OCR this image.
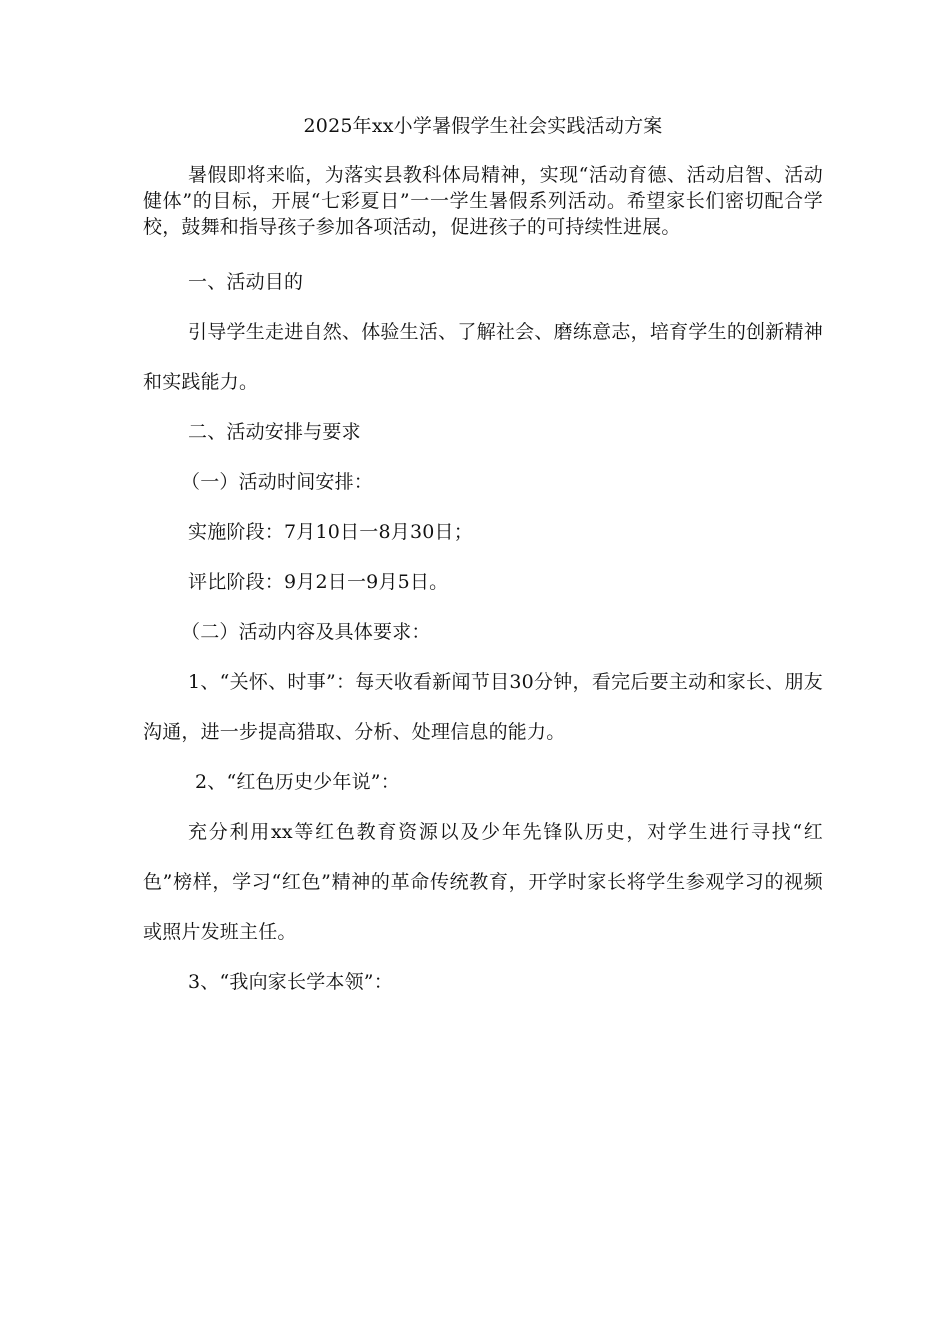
2025年xx小学暑假学生社会实践活动方案

暑假即将来临，为落实县教科体局精神，实现“活动育德、活动启智、活动健体”的目标，开展“七彩夏日”一一学生暑假系列活动。希望家长们密切配合学校，鼓舞和指导孩子参加各项活动，促进孩子的可持续性进展。

一、活动目的

引导学生走进自然、体验生活、了解社会、磨练意志，培育学生的创新精神和实践能力。

二、活动安排与要求

（一）活动时间安排：

实施阶段：7月10日一8月30日；

评比阶段：9月2日一9月5日。

（二）活动内容及具体要求：

1、“关怀、时事”：每天收看新闻节目30分钟，看完后要主动和家长、朋友沟通，进一步提高猎取、分析、处理信息的能力。

2、“红色历史少年说”：

充分利用xx等红色教育资源以及少年先锋队历史，对学生进行寻找“红色”榜样，学习“红色”精神的革命传统教育，开学时家长将学生参观学习的视频或照片发班主任。

3、“我向家长学本领”：
